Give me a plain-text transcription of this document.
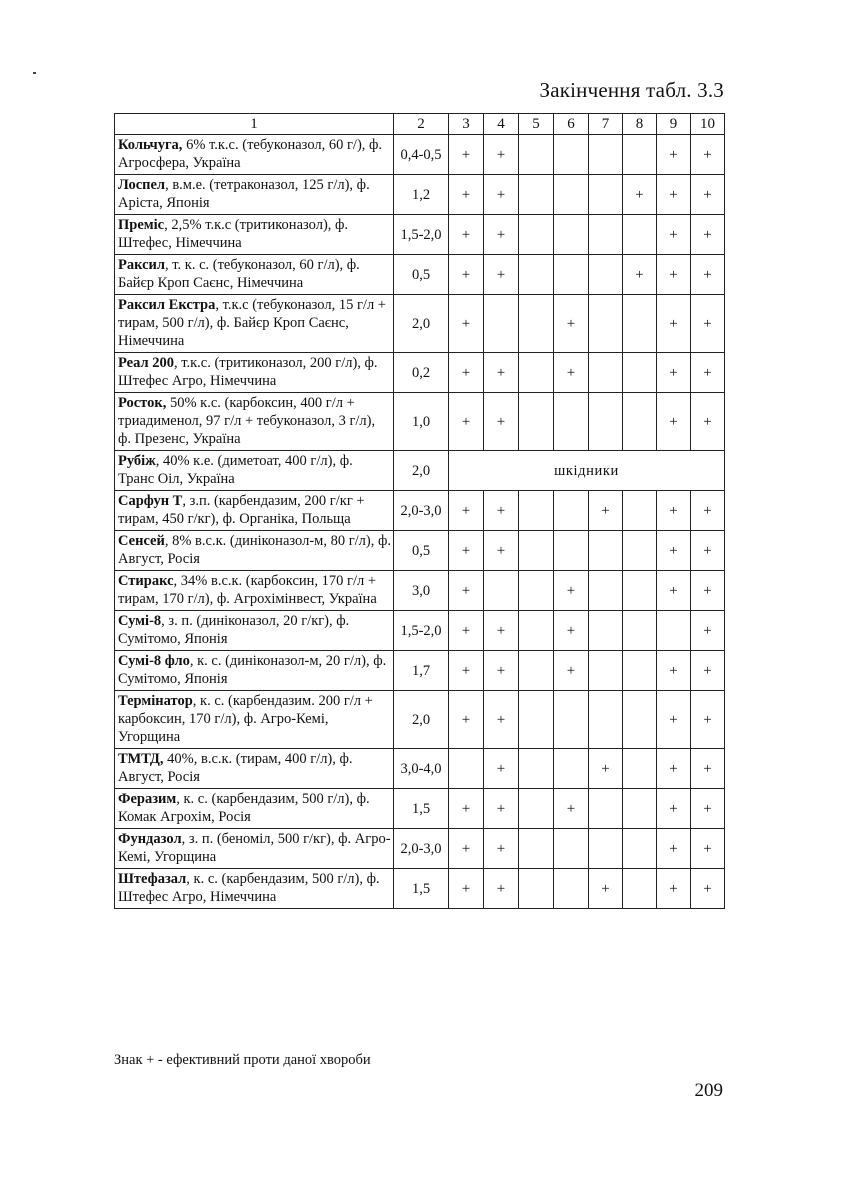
Закінчення табл. 3.3
1	2	3	4	5	6	7	8	9	10
Кольчуга, 6% т.к.с. (тебуконазол, 60 г/), ф. Агросфера, Україна	0,4-0,5	+	+					+	+
Лоспел, в.м.е. (тетраконазол, 125 г/л), ф. Аріста, Японія	1,2	+	+				+	+	+
Преміс, 2,5% т.к.с (тритиконазол), ф. Штефес, Німеччина	1,5-2,0	+	+					+	+
Раксил, т. к. с. (тебуконазол, 60 г/л), ф. Байєр Кроп Саєнс, Німеччина	0,5	+	+				+	+	+
Раксил Екстра, т.к.с (тебуконазол, 15 г/л + тирам, 500 г/л), ф. Байєр Кроп Саєнс, Німеччина	2,0	+			+			+	+
Реал 200, т.к.с. (тритиконазол, 200 г/л), ф. Штефес Агро, Німеччина	0,2	+	+		+			+	+
Росток, 50% к.с. (карбоксин, 400 г/л + триадименол, 97 г/л + тебуконазол, 3 г/л), ф. Презенс, Україна	1,0	+	+					+	+
Рубіж, 40% к.е. (диметоат, 400 г/л), ф. Транс Оіл, Україна	2,0	шкідники							
Сарфун Т, з.п. (карбендазим, 200 г/кг + тирам, 450 г/кг), ф. Органіка, Польща	2,0-3,0	+	+			+		+	+
Сенсей, 8% в.с.к. (диніконазол-м, 80 г/л), ф. Август, Росія	0,5	+	+					+	+
Стиракс, 34% в.с.к. (карбоксин, 170 г/л + тирам, 170 г/л), ф. Агрохімінвест, Україна	3,0	+			+			+	+
Сумі-8, з. п. (диніконазол, 20 г/кг), ф. Сумітомо, Японія	1,5-2,0	+	+		+				+
Сумі-8 фло, к. с. (диніконазол-м, 20 г/л), ф. Сумітомо, Японія	1,7	+	+		+			+	+
Термінатор, к. с. (карбендазим. 200 г/л + карбоксин, 170 г/л), ф. Агро-Кемі, Угорщина	2,0	+	+					+	+
ТМТД, 40%, в.с.к. (тирам, 400 г/л), ф. Август, Росія	3,0-4,0		+			+		+	+
Феразим, к. с. (карбендазим, 500 г/л), ф. Комак Агрохім, Росія	1,5	+	+		+			+	+
Фундазол, з. п. (беноміл, 500 г/кг), ф. Агро-Кемі, Угорщина	2,0-3,0	+	+					+	+
Штефазал, к. с. (карбендазим, 500 г/л), ф. Штефес Агро, Німеччина	1,5	+	+			+		+	+
Знак + - ефективний проти даної хвороби
209
